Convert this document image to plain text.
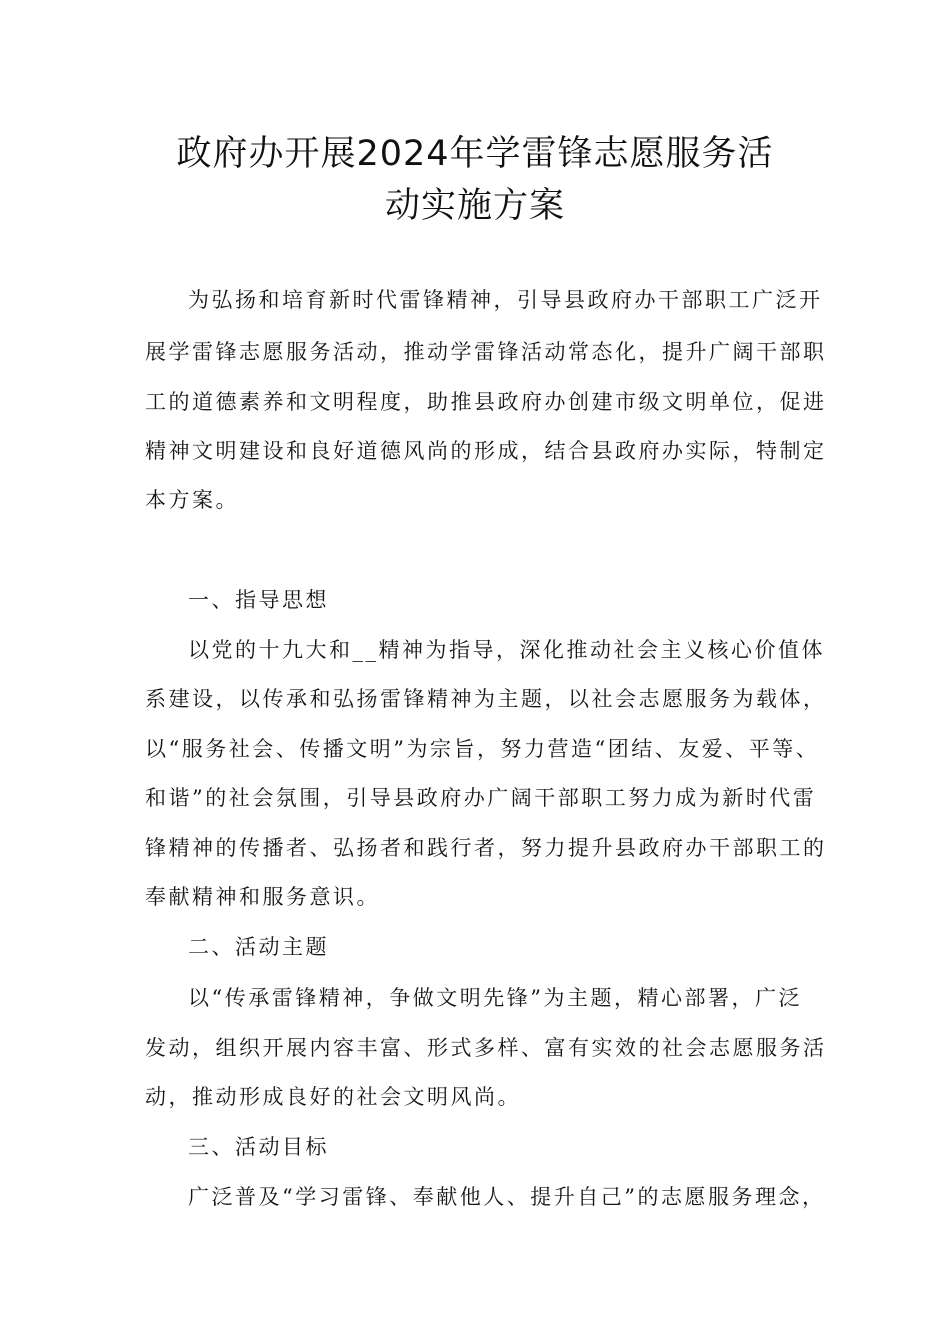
政府办开展2024年学雷锋志愿服务活
动实施方案
为弘扬和培育新时代雷锋精神，引导县政府办干部职工广泛开
展学雷锋志愿服务活动，推动学雷锋活动常态化，提升广阔干部职
工的道德素养和文明程度，助推县政府办创建市级文明单位，促进
精神文明建设和良好道德风尚的形成，结合县政府办实际，特制定
本方案。
一、指导思想
以党的十九大和__精神为指导，深化推动社会主义核心价值体
系建设，以传承和弘扬雷锋精神为主题，以社会志愿服务为载体，
以“服务社会、传播文明”为宗旨，努力营造“团结、友爱、平等、
和谐”的社会氛围，引导县政府办广阔干部职工努力成为新时代雷
锋精神的传播者、弘扬者和践行者，努力提升县政府办干部职工的
奉献精神和服务意识。
二、活动主题
以“传承雷锋精神，争做文明先锋”为主题，精心部署，广泛
发动，组织开展内容丰富、形式多样、富有实效的社会志愿服务活
动，推动形成良好的社会文明风尚。
三、活动目标
广泛普及“学习雷锋、奉献他人、提升自己”的志愿服务理念，
